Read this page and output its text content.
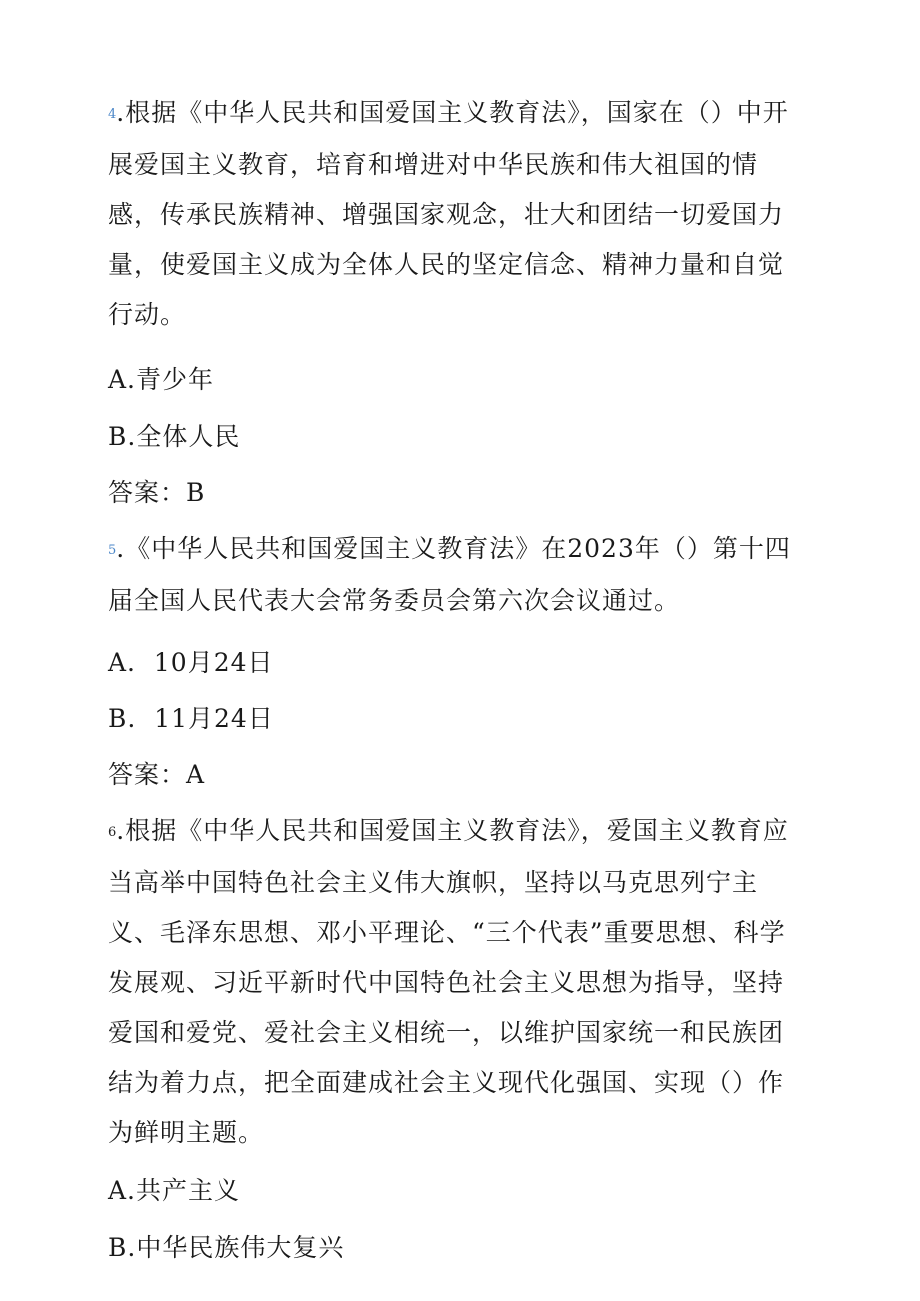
4.根据《中华人民共和国爱国主义教育法》，国家在（）中开展爱国主义教育，培育和增进对中华民族和伟大祖国的情感，传承民族精神、增强国家观念，壮大和团结一切爱国力量，使爱国主义成为全体人民的坚定信念、精神力量和自觉行动。

A.青少年

B.全体人民

答案：B

5.《中华人民共和国爱国主义教育法》在2023年（）第十四届全国人民代表大会常务委员会第六次会议通过。

A.  10月24日

B.  11月24日

答案：A

6.根据《中华人民共和国爱国主义教育法》，爱国主义教育应当高举中国特色社会主义伟大旗帜，坚持以马克思列宁主义、毛泽东思想、邓小平理论、“三个代表”重要思想、科学发展观、习近平新时代中国特色社会主义思想为指导，坚持爱国和爱党、爱社会主义相统一，以维护国家统一和民族团结为着力点，把全面建成社会主义现代化强国、实现（）作为鲜明主题。

A.共产主义

B.中华民族伟大复兴
